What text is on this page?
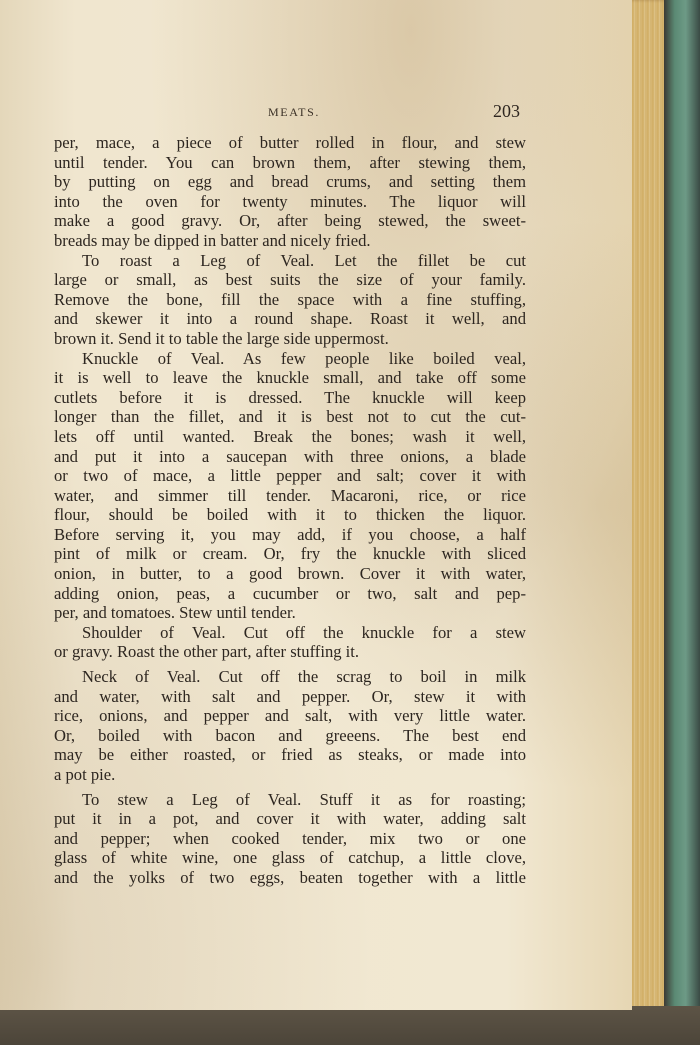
MEATS.	203
per, mace, a piece of butter rolled in flour, and stew
until tender. You can brown them, after stewing them,
by putting on egg and bread crums, and setting them
into the oven for twenty minutes. The liquor will
make a good gravy. Or, after being stewed, the sweet-
breads may be dipped in batter and nicely fried.
To roast a Leg of Veal. Let the fillet be cut
large or small, as best suits the size of your family.
Remove the bone, fill the space with a fine stuffing,
and skewer it into a round shape. Roast it well, and
brown it. Send it to table the large side uppermost.
Knuckle of Veal. As few people like boiled veal,
it is well to leave the knuckle small, and take off some
cutlets before it is dressed. The knuckle will keep
longer than the fillet, and it is best not to cut the cut-
lets off until wanted. Break the bones; wash it well,
and put it into a saucepan with three onions, a blade
or two of mace, a little pepper and salt; cover it with
water, and simmer till tender. Macaroni, rice, or rice
flour, should be boiled with it to thicken the liquor.
Before serving it, you may add, if you choose, a half
pint of milk or cream. Or, fry the knuckle with sliced
onion, in butter, to a good brown. Cover it with water,
adding onion, peas, a cucumber or two, salt and pep-
per, and tomatoes. Stew until tender.
Shoulder of Veal. Cut off the knuckle for a stew
or gravy. Roast the other part, after stuffing it.
Neck of Veal. Cut off the scrag to boil in milk
and water, with salt and pepper. Or, stew it with
rice, onions, and pepper and salt, with very little water.
Or, boiled with bacon and greeens. The best end
may be either roasted, or fried as steaks, or made into
a pot pie.
To stew a Leg of Veal. Stuff it as for roasting;
put it in a pot, and cover it with water, adding salt
and pepper; when cooked tender, mix two or one
glass of white wine, one glass of catchup, a little clove,
and the yolks of two eggs, beaten together with a little
